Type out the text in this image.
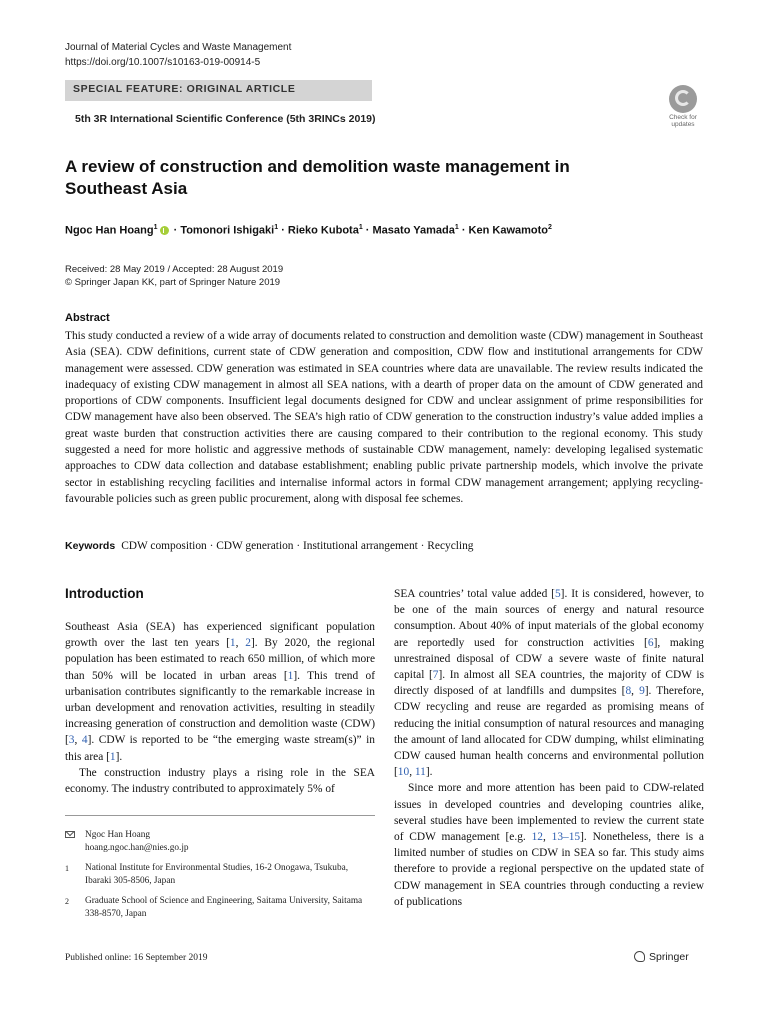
Journal of Material Cycles and Waste Management
https://doi.org/10.1007/s10163-019-00914-5
SPECIAL FEATURE: ORIGINAL ARTICLE
5th 3R International Scientific Conference (5th 3RINCs 2019)	Check for
updates
A review of construction and demolition waste management in Southeast Asia
Ngoc Han Hoang$^1$
· Tomonori Ishigaki$^1$ · Rieko Kubota$^1$ · Masato Yamada$^1$ · Ken Kawamoto$^2$
Received: 28 May 2019 / Accepted: 28 August 2019
© Springer Japan KK, part of Springer Nature 2019
Abstract
This study conducted a review of a wide array of documents related to construction and demolition waste (CDW) management in Southeast Asia (SEA). CDW definitions, current state of CDW generation and composition, CDW flow and institutional arrangements for CDW management were assessed. CDW generation was estimated in SEA countries where data are unavailable. The review results indicated the inadequacy of existing CDW management in almost all SEA nations, with a dearth of proper data on the amount of CDW generated and proportions of CDW components. Insufficient legal documents designed for CDW and unclear assignment of prime responsibilities for CDW management have also been observed. The SEA’s high ratio of CDW generation to the construction industry’s value added implies a great waste burden that construction activities there are causing compared to their contribution to the regional economy. This study suggested a need for more holistic and aggressive methods of sustainable CDW management, namely: developing legalised systematic approaches to CDW data collection and database establishment; enabling public private partnership models, which involve the private sector in establishing recycling facilities and internalise informal actors in formal CDW management arrangement; applying recycling-favourable policies such as green public procurement, along with disposal fee schemes.
Keywords CDW composition · CDW generation · Institutional arrangement · Recycling
Introduction

Southeast Asia (SEA) has experienced significant population growth over the last ten years [1, 2]. By 2020, the regional population has been estimated to reach 650 million, of which more than 50% will be located in urban areas [1]. This trend of urbanisation contributes significantly to the remarkable increase in urban development and renovation activities, resulting in steadily increasing generation of construction and demolition waste (CDW) [3, 4]. CDW is reported to be “the emerging waste stream(s)” in this area [1].

The construction industry plays a rising role in the SEA economy. The industry contributed to approximately 5% of

SEA countries’ total value added [5]. It is considered, however, to be one of the main sources of energy and natural resource consumption. About 40% of input materials of the global economy are reportedly used for construction activities [6], making unrestrained disposal of CDW a severe waste of finite natural capital [7]. In almost all SEA countries, the majority of CDW is directly disposed of at landfills and dumpsites [8, 9]. Therefore, CDW recycling and reuse are regarded as promising means of reducing the initial consumption of natural resources and managing the amount of land allocated for CDW dumping, whilst eliminating CDW caused human health concerns and environmental pollution [10, 11].

Since more and more attention has been paid to CDW-related issues in developed countries and developing countries alike, several studies have been implemented to review the current state of CDW management [e.g. 12, 13–15]. Nonetheless, there is a limited number of studies on CDW in SEA so far. This study aims therefore to provide a regional perspective on the updated state of CDW management in SEA countries through conducting a review of publications

Ngoc Han Hoang
hoang.ngoc.han@nies.go.jp
1 National Institute for Environmental Studies, 16-2 Onogawa, Tsukuba, Ibaraki 305-8506, Japan
2 Graduate School of Science and Engineering, Saitama University, Saitama 338-8570, Japan
Published online: 16 September 2019	Springer
